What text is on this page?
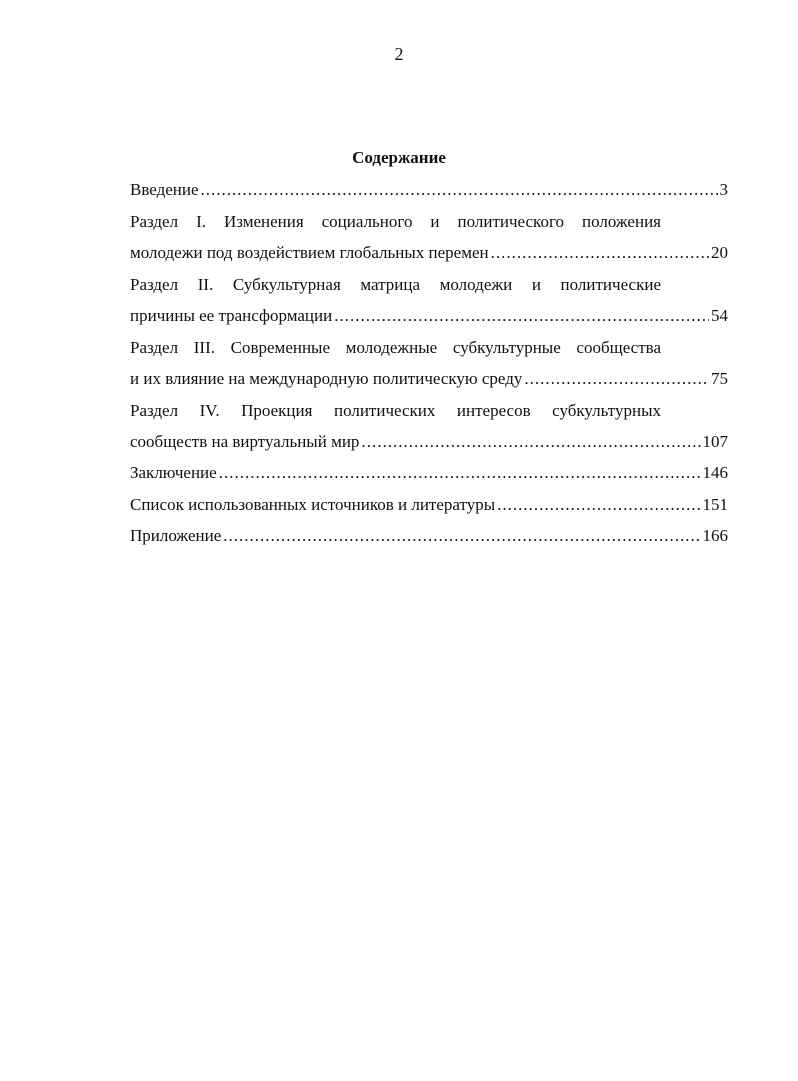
2
Содержание
Введение .....	3
Раздел I. Изменения социального и политического положения
молодежи под воздействием глобальных перемен .....	20
Раздел II. Субкультурная матрица молодежи и политические
причины ее трансформации .....	54
Раздел III. Современные молодежные субкультурные сообщества
и их влияние на международную политическую среду .....	75
Раздел IV. Проекция политических интересов субкультурных
сообществ на виртуальный мир .....	107
Заключение .....	146
Список использованных источников и литературы .....	151
Приложение .....	166
